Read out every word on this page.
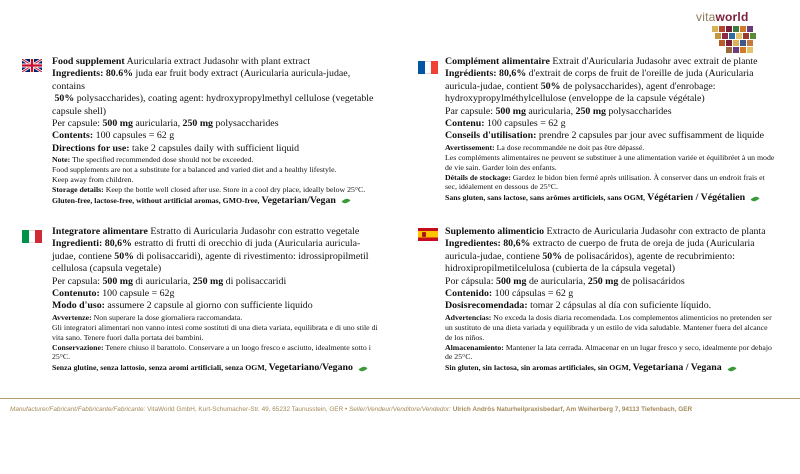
vitaworld

Food supplement Auricularia extract Judasohr with plant extract

Ingredients: 80.6% juda ear fruit body extract (Auricularia auricula-judae, contains
50% polysaccharides), coating agent: hydroxypropylmethyl cellulose (vegetable capsule shell)

Per capsule: 500 mg auricularia, 250 mg polysaccharides

Contents: 100 capsules = 62 g

Directions for use: take 2 capsules daily with sufficient liquid

Note: The specified recommended dose should not be exceeded.

Food supplements are not a substitute for a balanced and varied diet and a healthy lifestyle.

Keep away from children.

Storage details: Keep the bottle well closed after use. Store in a cool dry place, ideally below 25°C.

Gluten-free, lactose-free, without artificial aromas, GMO-free, Vegetarian/Vegan

Complément alimentaire Extrait d'Auricularia Judasohr avec extrait de plante

Ingrédients: 80,6% d'extrait de corps de fruit de l'oreille de juda (Auricularia auricula-judae, contient 50% de polysaccharides), agent d'enrobage: hydroxypropylméthylcellulose (enveloppe de la capsule végétale)

Par capsule: 500 mg auricularia, 250 mg polysaccharides

Contenu: 100 capsules = 62 g

Conseils d'utilisation: prendre 2 capsules par jour avec suffisamment de liquide

Avertissement: La dose recommandée ne doit pas être dépassé.

Les compléments alimentaires ne peuvent se substituer à une alimentation variée et équilibréet à un mode de vie sain. Garder loin des enfants.

Détails de stockage: Gardez le bidon bien fermé après utilisation. À conserver dans un endroit frais et sec, idéalement en dessous de 25°C.

Sans gluten, sans lactose, sans arômes artificiels, sans OGM, Végétarien / Végétalien

Integratore alimentare Estratto di Auricularia Judasohr con estratto vegetale

Ingredienti: 80,6% estratto di frutti di orecchio di juda (Auricularia auricula-judae, contiene 50% di polisaccaridi), agente di rivestimento: idrossipropilmetil cellulosa (capsula vegetale)

Per capsula: 500 mg di auricularia, 250 mg di polisaccaridi

Contenuto: 100 capsule = 62g

Modo d'uso: assumere 2 capsule al giorno con sufficiente liquido

Avvertenze: Non superare la dose giornaliera raccomandata.

Gli integratori alimentari non vanno intesi come sostituti di una dieta variata, equilibrata e di uno stile di vita sano. Tenere fuori dalla portata dei bambini.

Conservazione: Tenere chiuso il barattolo. Conservare a un luogo fresco e asciutto, idealmente sotto i 25°C.

Senza glutine, senza lattosio, senza aromi artificiali, senza OGM, Vegetariano/Vegano

Suplemento alimenticio Extracto de Auricularia Judasohr con extracto de planta

Ingredientes: 80,6% extracto de cuerpo de fruta de oreja de juda (Auricularia auricula-judae, contiene 50% de polisacáridos), agente de recubrimiento: hidroxipropilmetilcelulosa (cubierta de la cápsula vegetal)

Por cápsula: 500 mg de auricularia, 250 mg de polisacáridos

Contenido: 100 cápsulas = 62 g

Dosisrecomendada: tomar 2 cápsulas al día con suficiente líquido.

Advertencias: No exceda la dosis diaria recomendada. Los complementos alimenticios no pretenden ser un sustituto de una dieta variada y equilibrada y un estilo de vida saludable. Mantener fuera del alcance de los niños.

Almacenamiento: Mantener la lata cerrada. Almacenar en un lugar fresco y seco, idealmente por debajo de 25°C.

Sin gluten, sin lactosa, sin aromas artificiales, sin OGM, Vegetariana / Vegana

Manufacturer/Fabricant/Fabbricante/Fabricante: VitaWorld GmbH, Kurt-Schumacher-Str. 49, 65232 Taunusstein, GER • Seller/Vendeur/Venditore/Vendedor: Ulrich Andrös Naturheilpraxisbedarf, Am Weiherberg 7, 94113 Tiefenbach, GER
